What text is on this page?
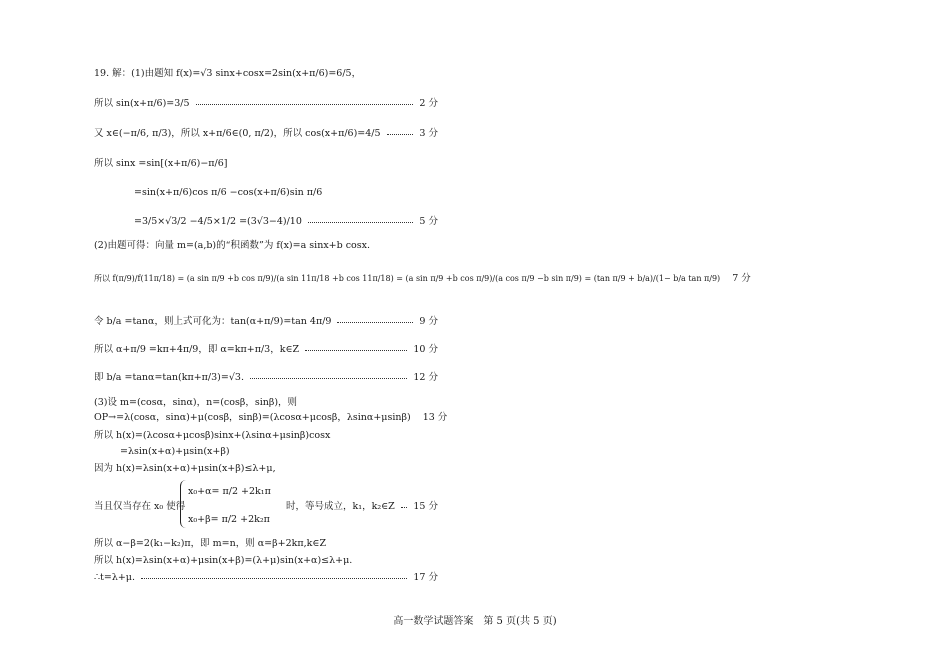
19. 解：(1)由题知 f(x)=√3 sinx+cosx=2sin(x+π/6)=6/5，
所以 sin(x+π/6)=3/5	2 分
又 x∈(−π/6, π/3)，所以 x+π/6∈(0, π/2)，所以 cos(x+π/6)=4/5	3 分
所以 sinx =sin[(x+π/6)−π/6]
=sin(x+π/6)cos π/6 −cos(x+π/6)sin π/6
=3/5×√3/2 −4/5×1/2 =(3√3−4)/10	5 分
(2)由题可得：向量 m=(a,b)的“积函数”为 f(x)=a sinx+b cosx.
所以 f(π/9)/f(11π/18) = (a sin π/9 +b cos π/9)/(a sin 11π/18 +b cos 11π/18) = (a sin π/9 +b cos π/9)/(a cos π/9 −b sin π/9) = (tan π/9 + b/a)/(1− b/a tan π/9) 7 分
令 b/a =tanα，则上式可化为：tan(α+π/9)=tan 4π/9	9 分
所以 α+π/9 =kπ+4π/9，即 α=kπ+π/3，k∈Z	10 分
即 b/a =tanα=tan(kπ+π/3)=√3.	12 分
(3)设 m=(cosα，sinα)，n=(cosβ，sinβ)，则
OP→=λ(cosα，sinα)+μ(cosβ，sinβ)=(λcosα+μcosβ，λsinα+μsinβ) 13 分
所以 h(x)=(λcosα+μcosβ)sinx+(λsinα+μsinβ)cosx
=λsin(x+α)+μsin(x+β)
因为 h(x)=λsin(x+α)+μsin(x+β)≤λ+μ,
当且仅当存在 x₀ 使得
x₀+α= π/2 +2k₁π
x₀+β= π/2 +2k₂π
时，等号成立，k₁，k₂∈Z 15 分
所以 α−β=2(k₁−k₂)π，即 m=n，则 α=β+2kπ,k∈Z
所以 h(x)=λsin(x+α)+μsin(x+β)=(λ+μ)sin(x+α)≤λ+μ.
∴t=λ+μ.	17 分
高一数学试题答案　第 5 页(共 5 页)
